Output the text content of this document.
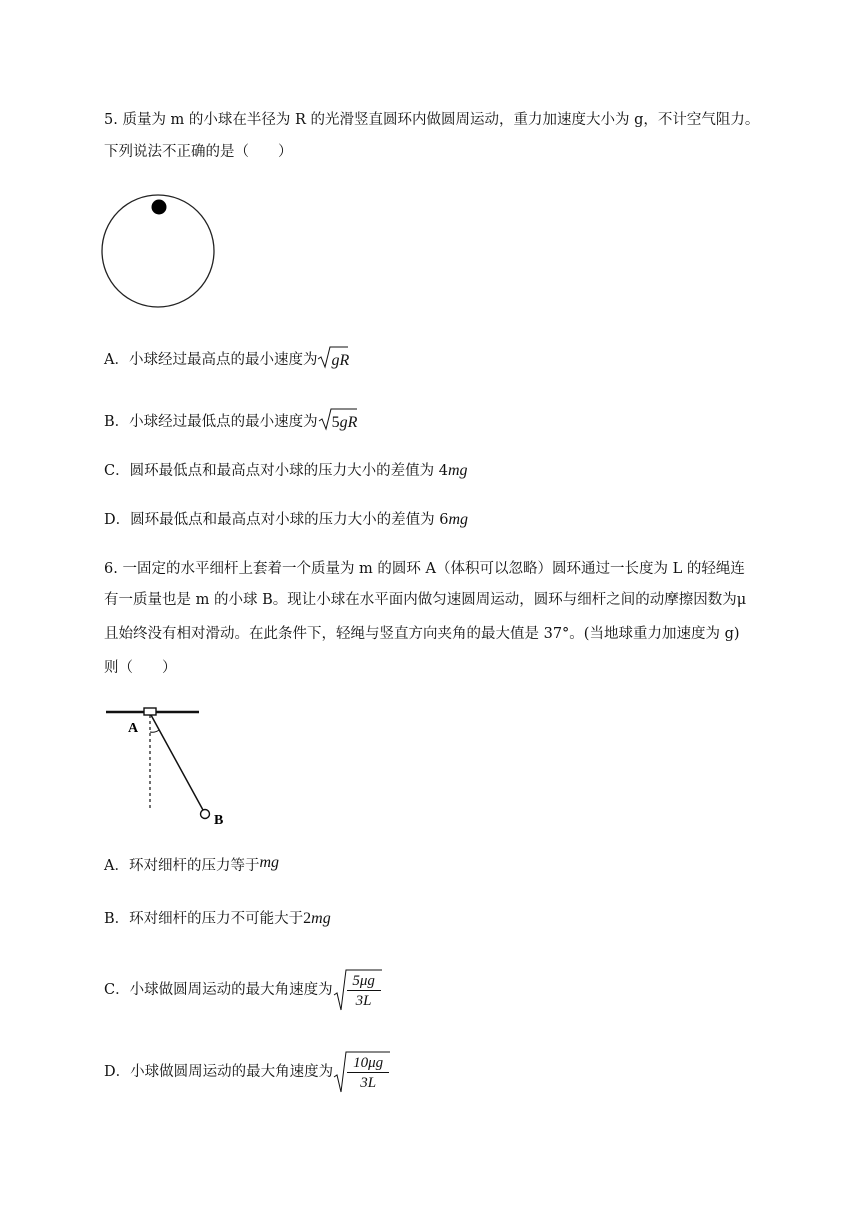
5. 质量为 m 的小球在半径为 R 的光滑竖直圆环内做圆周运动，重力加速度大小为 g，不计空气阻力。
下列说法不正确的是（　　）
A．小球经过最高点的最小速度为 gR
B．小球经过最低点的最小速度为 5gR
C．圆环最低点和最高点对小球的压力大小的差值为 4mg
D．圆环最低点和最高点对小球的压力大小的差值为 6mg
6. 一固定的水平细杆上套着一个质量为 m 的圆环 A（体积可以忽略）圆环通过一长度为 L 的轻绳连
有一质量也是 m 的小球 B。现让小球在水平面内做匀速圆周运动，圆环与细杆之间的动摩擦因数为μ
且始终没有相对滑动。在此条件下，轻绳与竖直方向夹角的最大值是 37°。(当地球重力加速度为 g)
则（　　）
A
B
A．环对细杆的压力等于mg
B．环对细杆的压力不可能大于2mg
C．小球做圆周运动的最大角速度为 $\frac{5\mu g}{3L}$
D．小球做圆周运动的最大角速度为 $\frac{10\mu g}{3L}$
